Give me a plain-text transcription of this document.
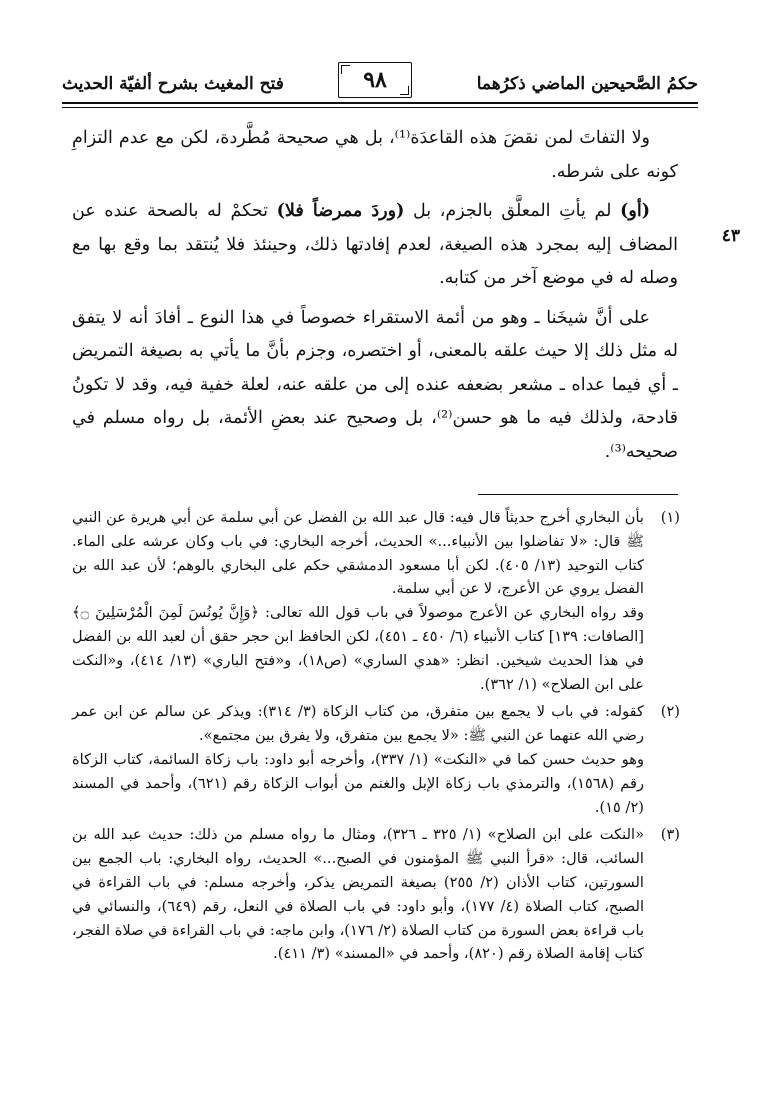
حكمُ الصَّحيحين الماضي ذكرُهما
٩٨
فتح المغيث بشرح ألفيّة الحديث
٤٣

ولا التفاتَ لمن نقضَ هذه القاعدَة⁽¹⁾، بل هي صحيحة مُطَّردة، لكن مع عدم التزامِ كونه على شرطه.

(أو) لم يأتِ المعلَّق بالجزم، بل (وردَ ممرضاً فلا) تحكمْ له بالصحة عنده عن المضاف إليه بمجرد هذه الصيغة، لعدم إفادتها ذلك، وحينئذ فلا يُنتقد بما وقع بها مع وصله له في موضع آخر من كتابه.

على أنَّ شيخَنا ـ وهو من أئمة الاستقراء خصوصاً في هذا النوع ـ أفادَ أنه لا يتفق له مثل ذلك إلا حيث علقه بالمعنى، أو اختصره، وجزم بأنَّ ما يأتي به بصيغة التمريض ـ أي فيما عداه ـ مشعر بضعفه عنده إلى من علقه عنه، لعلة خفية فيه، وقد لا تكونُ قادحة، ولذلك فيه ما هو حسن⁽²⁾، بل وصحيح عند بعضِ الأئمة، بل رواه مسلم في صحيحه⁽³⁾.

(١)

بأن البخاري أخرج حديثاً قال فيه: قال عبد الله بن الفضل عن أبي سلمة عن أبي هريرة عن النبي ﷺ قال: «لا تفاضلوا بين الأنبياء...» الحديث، أخرجه البخاري: في باب وكان عرشه على الماء. كتاب التوحيد (١٣/ ٤٠٥). لكن أبا مسعود الدمشقي حكم على البخاري بالوهم؛ لأن عبد الله بن الفضل يروي عن الأعرج، لا عن أبي سلمة.

وقد رواه البخاري عن الأعرج موصولاً في باب قول الله تعالى: ﴿وَإِنَّ يُونُسَ لَمِنَ الْمُرْسَلِينَ ۝﴾ [الصافات: ١٣٩] كتاب الأنبياء (٦/ ٤٥٠ ـ ٤٥١)، لكن الحافظ ابن حجر حقق أن لعبد الله بن الفضل في هذا الحديث شيخين. انظر: «هدي الساري» (ص١٨)، و«فتح الباري» (١٣/ ٤١٤)، و«النكت على ابن الصلاح» (١/ ٣٦٢).

(٢)

كقوله: في باب لا يجمع بين متفرق، من كتاب الزكاة (٣/ ٣١٤): ويذكر عن سالم عن ابن عمر رضي الله عنهما عن النبي ﷺ: «لا يجمع بين متفرق، ولا يفرق بين مجتمع».

وهو حديث حسن كما في «النكت» (١/ ٣٣٧)، وأخرجه أبو داود: باب زكاة السائمة، كتاب الزكاة رقم (١٥٦٨)، والترمذي باب زكاة الإبل والغنم من أبواب الزكاة رقم (٦٢١)، وأحمد في المسند (٢/ ١٥).

(٣)

«النكت على ابن الصلاح» (١/ ٣٢٥ ـ ٣٢٦)، ومثال ما رواه مسلم من ذلك: حديث عبد الله بن السائب، قال: «قرأ النبي ﷺ المؤمنون في الصبح...» الحديث، رواه البخاري: باب الجمع بين السورتين، كتاب الأذان (٢/ ٢٥٥) بصيغة التمريض يذكر، وأخرجه مسلم: في باب القراءة في الصبح، كتاب الصلاة (٤/ ١٧٧)، وأبو داود: في باب الصلاة في النعل، رقم (٦٤٩)، والنسائي في باب قراءة بعض السورة من كتاب الصلاة (٢/ ١٧٦)، وابن ماجه: في باب القراءة في صلاة الفجر، كتاب إقامة الصلاة رقم (٨٢٠)، وأحمد في «المسند» (٣/ ٤١١).
